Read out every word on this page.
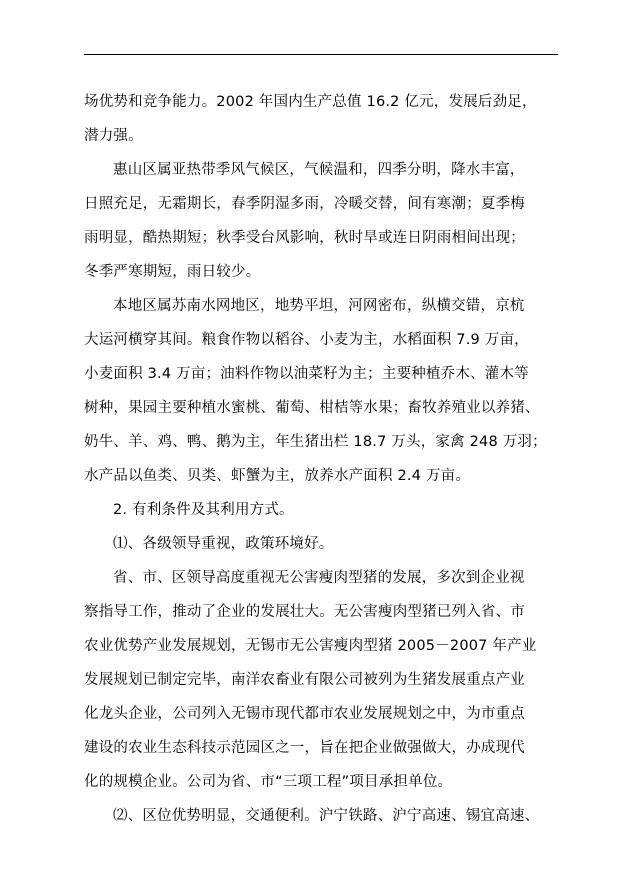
场优势和竞争能力。2002 年国内生产总值 16.2 亿元，发展后劲足，
潜力强。
惠山区属亚热带季风气候区，气候温和，四季分明，降水丰富，
日照充足，无霜期长，春季阴湿多雨，冷暖交替，间有寒潮；夏季梅
雨明显，酷热期短；秋季受台风影响，秋时旱或连日阴雨相间出现；
冬季严寒期短，雨日较少。
本地区属苏南水网地区，地势平坦，河网密布，纵横交错，京杭
大运河横穿其间。粮食作物以稻谷、小麦为主，水稻面积 7.9 万亩，
小麦面积 3.4 万亩；油料作物以油菜籽为主；主要种植乔木、灌木等
树种，果园主要种植水蜜桃、葡萄、柑桔等水果；畜牧养殖业以养猪、
奶牛、羊、鸡、鸭、鹅为主，年生猪出栏 18.7 万头，家禽 248 万羽；
水产品以鱼类、贝类、虾蟹为主，放养水产面积 2.4 万亩。
2. 有利条件及其利用方式。
⑴、各级领导重视，政策环境好。
省、市、区领导高度重视无公害瘦肉型猪的发展，多次到企业视
察指导工作，推动了企业的发展壮大。无公害瘦肉型猪已列入省、市
农业优势产业发展规划，无锡市无公害瘦肉型猪 2005－2007 年产业
发展规划已制定完毕，南洋农畜业有限公司被列为生猪发展重点产业
化龙头企业，公司列入无锡市现代都市农业发展规划之中，为市重点
建设的农业生态科技示范园区之一，旨在把企业做强做大，办成现代
化的规模企业。公司为省、市“三项工程”项目承担单位。
⑵、区位优势明显，交通便利。沪宁铁路、沪宁高速、锡宜高速、
